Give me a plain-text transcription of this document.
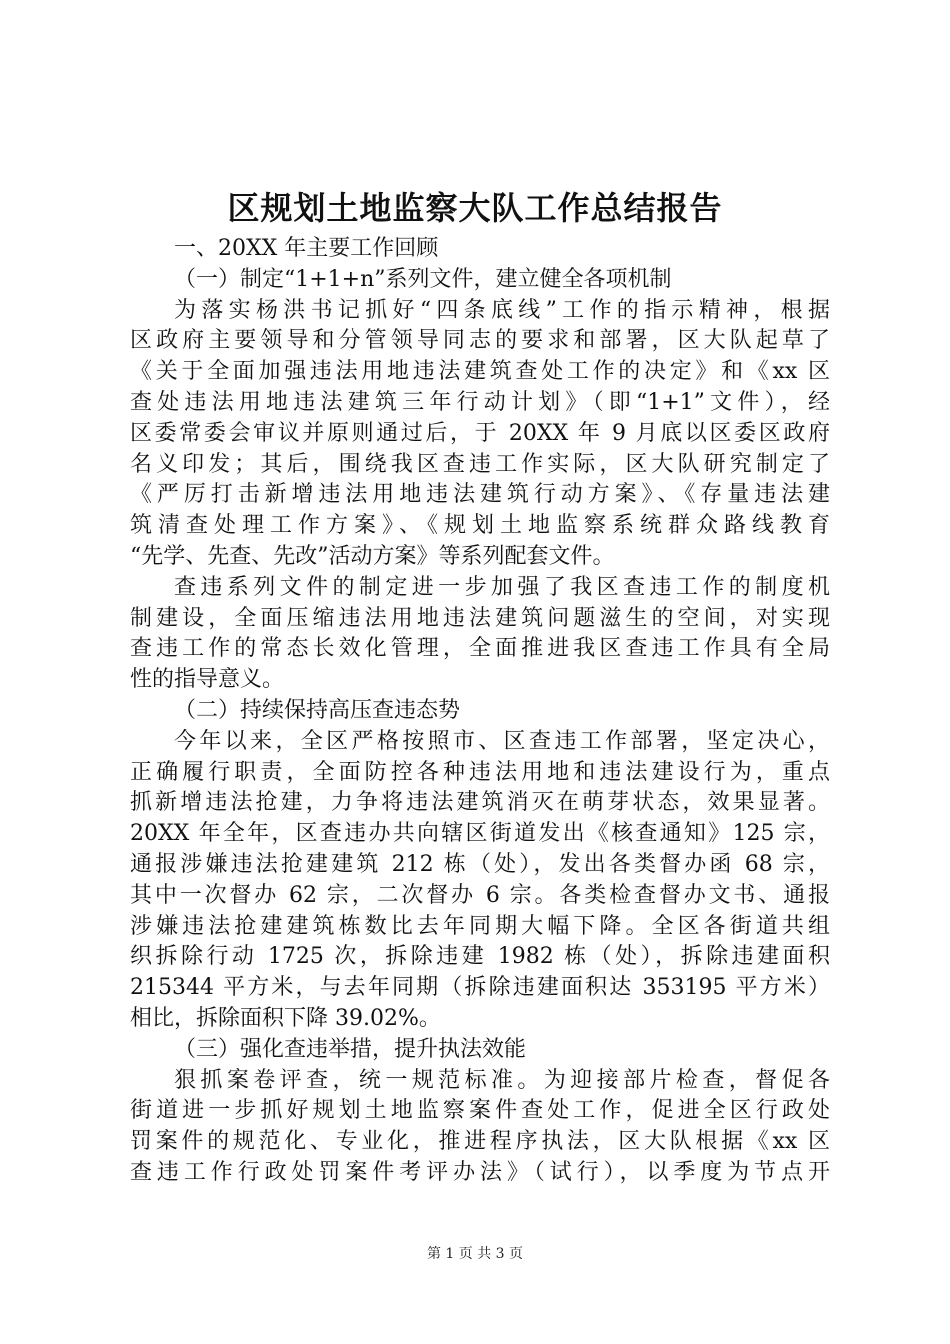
区规划土地监察大队工作总结报告
一、20XX 年主要工作回顾
（一）制定“1+1+n”系列文件，建立健全各项机制
为落实杨洪书记抓好“四条底线”工作的指示精神，根据
区政府主要领导和分管领导同志的要求和部署，区大队起草了
《关于全面加强违法用地违法建筑查处工作的决定》和《xx 区
查处违法用地违法建筑三年行动计划》（即“1+1”文件），经
区委常委会审议并原则通过后，于 20XX 年 9 月底以区委区政府
名义印发；其后，围绕我区查违工作实际，区大队研究制定了
《严厉打击新增违法用地违法建筑行动方案》、《存量违法建
筑清查处理工作方案》、《规划土地监察系统群众路线教育
“先学、先查、先改”活动方案》等系列配套文件。
查违系列文件的制定进一步加强了我区查违工作的制度机
制建设，全面压缩违法用地违法建筑问题滋生的空间，对实现
查违工作的常态长效化管理，全面推进我区查违工作具有全局
性的指导意义。
（二）持续保持高压查违态势
今年以来，全区严格按照市、区查违工作部署，坚定决心，
正确履行职责，全面防控各种违法用地和违法建设行为，重点
抓新增违法抢建，力争将违法建筑消灭在萌芽状态，效果显著。
20XX 年全年，区查违办共向辖区街道发出《核查通知》125 宗，
通报涉嫌违法抢建建筑 212 栋（处），发出各类督办函 68 宗，
其中一次督办 62 宗，二次督办 6 宗。各类检查督办文书、通报
涉嫌违法抢建建筑栋数比去年同期大幅下降。全区各街道共组
织拆除行动 1725 次，拆除违建 1982 栋（处），拆除违建面积
215344 平方米，与去年同期（拆除违建面积达 353195 平方米）
相比，拆除面积下降 39.02%。
（三）强化查违举措，提升执法效能
狠抓案卷评查，统一规范标准。为迎接部片检查，督促各
街道进一步抓好规划土地监察案件查处工作，促进全区行政处
罚案件的规范化、专业化，推进程序执法，区大队根据《xx 区
查违工作行政处罚案件考评办法》（试行），以季度为节点开
第 1 页 共 3 页
